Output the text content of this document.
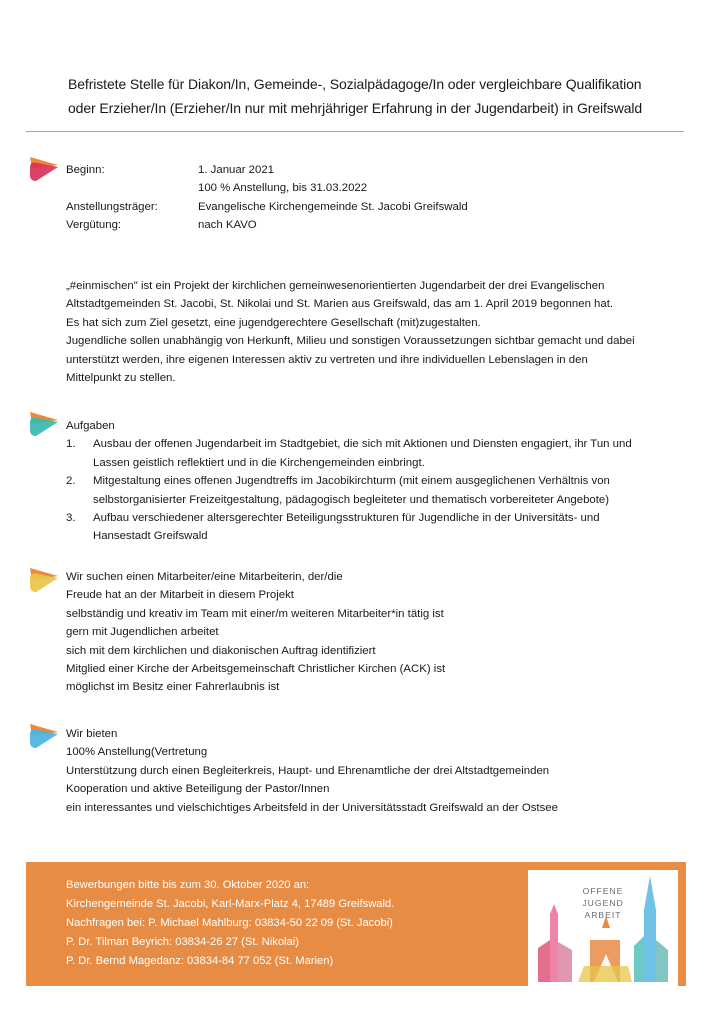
Befristete Stelle für Diakon/In, Gemeinde-, Sozialpädagoge/In oder vergleichbare Qualifikation
oder Erzieher/In (Erzieher/In nur mit mehrjähriger Erfahrung in der Jugendarbeit) in Greifswald
Beginn:	1. Januar 2021
100 % Anstellung, bis 31.03.2022
Anstellungsträger:	Evangelische Kirchengemeinde St. Jacobi Greifswald
Vergütung:	nach KAVO
„#einmischen" ist ein Projekt der kirchlichen gemeinwesenorientierten Jugendarbeit der drei Evangelischen
Altstadtgemeinden St. Jacobi, St. Nikolai und St. Marien aus Greifswald, das am 1. April 2019 begonnen hat.
Es hat sich zum Ziel gesetzt, eine jugendgerechtere Gesellschaft (mit)zugestalten.
Jugendliche sollen unabhängig von Herkunft, Milieu und sonstigen Voraussetzungen sichtbar gemacht und dabei
unterstützt werden, ihre eigenen Interessen aktiv zu vertreten und ihre individuellen Lebenslagen in den
Mittelpunkt zu stellen.
Aufgaben
1.	Ausbau der offenen Jugendarbeit im Stadtgebiet, die sich mit Aktionen und Diensten engagiert, ihr Tun und
Lassen geistlich reflektiert und in die Kirchengemeinden einbringt.
2.	Mitgestaltung eines offenen Jugendtreffs im Jacobikirchturm (mit einem ausgeglichenen Verhältnis von
selbstorganisierter Freizeitgestaltung, pädagogisch begleiteter und thematisch vorbereiteter Angebote)
3.	Aufbau verschiedener altersgerechter Beteiligungsstrukturen für Jugendliche in der Universitäts- und
Hansestadt Greifswald
Wir suchen einen Mitarbeiter/eine Mitarbeiterin, der/die
Freude hat an der Mitarbeit in diesem Projekt
selbständig und kreativ im Team mit einer/m weiteren Mitarbeiter*in tätig ist
gern mit Jugendlichen arbeitet
sich mit dem kirchlichen und diakonischen Auftrag identifiziert
Mitglied einer Kirche der Arbeitsgemeinschaft Christlicher Kirchen (ACK) ist
möglichst im Besitz einer Fahrerlaubnis ist
Wir bieten
100% Anstellung(Vertretung
Unterstützung durch einen Begleiterkreis, Haupt- und Ehrenamtliche der drei Altstadtgemeinden
Kooperation und aktive Beteiligung der Pastor/Innen
ein interessantes und vielschichtiges Arbeitsfeld in der Universitätsstadt Greifswald an der Ostsee
Bewerbungen bitte bis zum 30. Oktober 2020 an:
Kirchengemeinde St. Jacobi, Karl-Marx-Platz 4, 17489 Greifswald.
Nachfragen bei: P. Michael Mahlburg: 03834-50 22 09 (St. Jacobi)
P. Dr. Tilman Beyrich: 03834-26 27 (St. Nikolai)
P. Dr. Bernd Magedanz: 03834-84 77 052 (St. Marien)
OFFENE
JUGEND
ARBEIT
